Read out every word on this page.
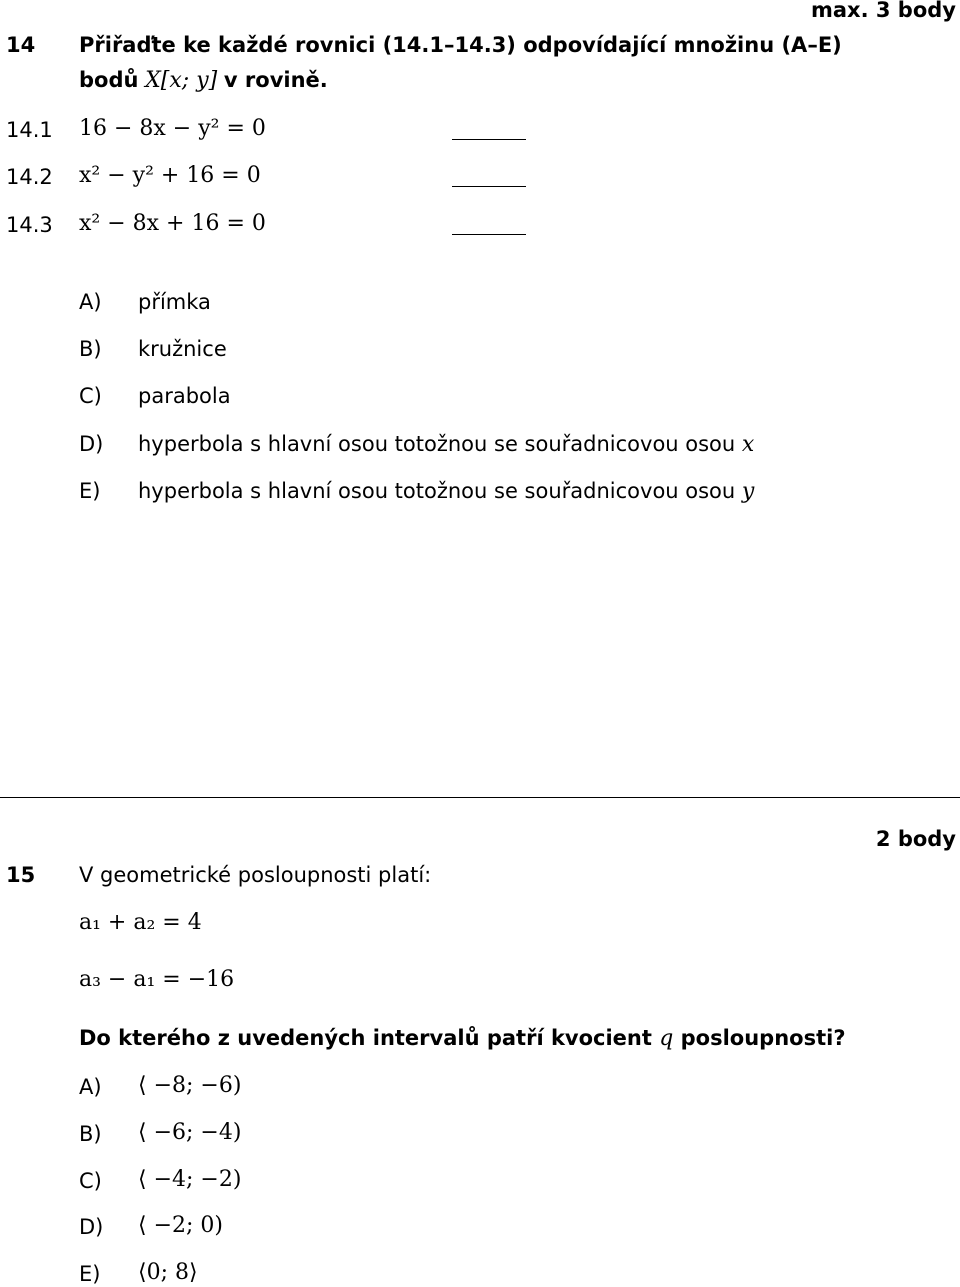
max. 3 body
14 Přiřaďte ke každé rovnici (14.1–14.3) odpovídající množinu (A–E)
bodů X[x; y] v rovině.
14.1 16 − 8x − y² = 0
14.2 x² − y² + 16 = 0
14.3 x² − 8x + 16 = 0
A) přímka
B) kružnice
C) parabola
D) hyperbola s hlavní osou totožnou se souřadnicovou osou x
E) hyperbola s hlavní osou totožnou se souřadnicovou osou y
2 body
15 V geometrické posloupnosti platí:
a₁ + a₂ = 4
a₃ − a₁ = −16
Do kterého z uvedených intervalů patří kvocient q posloupnosti?
A) ⟨ −8; −6)
B) ⟨ −6; −4)
C) ⟨ −4; −2)
D) ⟨ −2; 0)
E) ⟨0; 8⟩
